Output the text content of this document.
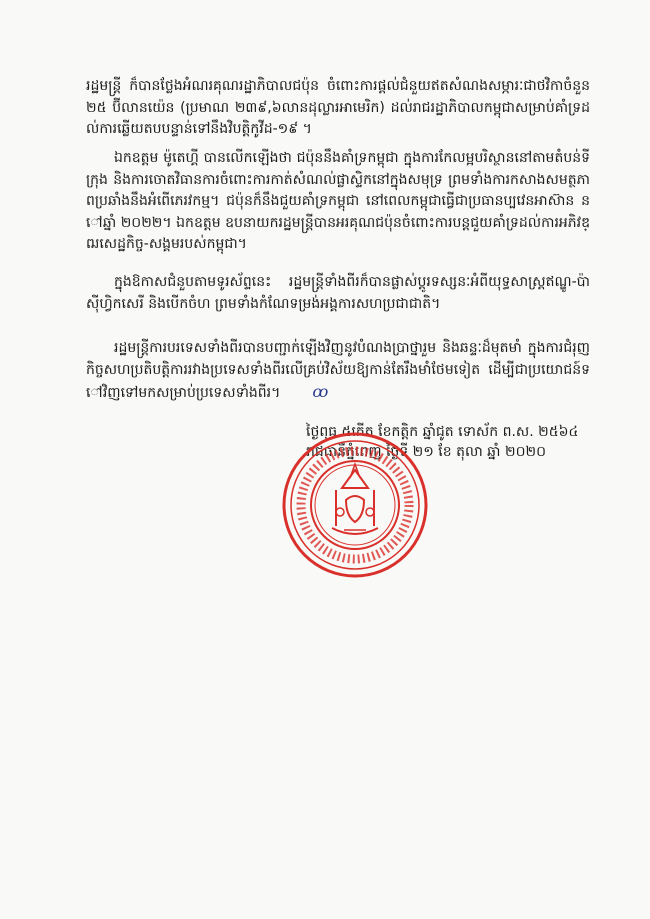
រដ្ឋមន្ត្រី ក៏បានថ្លែងអំណរគុណរដ្ឋាភិបាលជប៉ុន ចំពោះការផ្ដល់ជំនួយឥតសំណងសម្ភារៈជាថវិកាចំនួន ២៥ ប៊ីលានយ៉េន (ប្រមាណ ២៣៩,៦លានដុល្លារអាមេរិក) ដល់រាជរដ្ឋាភិបាលកម្ពុជាសម្រាប់គាំទ្រដល់ការឆ្លើយតបបន្ទាន់ទៅនឹងវិបត្តិកូវីដ-១៩ ។

ឯកឧត្តម ម៉ូតេហ្គី បានលើកឡើងថា ជប៉ុននឹងគាំទ្រកម្ពុជា ក្នុងការកែលម្អបរិស្ថាននៅតាមតំបន់ទីក្រុង និងការចោតវិធានការចំពោះការកាត់សំណល់ផ្លាស្ទិកនៅក្នុងសមុទ្រ ព្រមទាំងការកសាងសមត្ថភាពប្រឆាំងនឹងអំពើភេរវកម្ម។ ជប៉ុនក៏នឹងជួយគាំទ្រកម្ពុជា នៅពេលកម្ពុជាធ្វើជាប្រធានប្បវេនអាស៊ាន នៅឆ្នាំ ២០២២។ ឯកឧត្តម ឧបនាយករដ្ឋមន្ត្រីបានអរគុណជប៉ុនចំពោះការបន្តជួយគាំទ្រដល់ការអភិវឌ្ឍសេដ្ឋកិច្ច-សង្គមរបស់កម្ពុជា។

ក្នុងឱកាសជំនួបតាមទូរស័ព្ទនេះ រដ្ឋមន្ត្រីទាំងពីរក៏បានផ្លាស់ប្ដូរទស្សនៈអំពីយុទ្ធសាស្ត្រឥណ្ឌូ-ប៉ាស៊ីហ្វិកសេរី និងបើកចំហ ព្រមទាំងកំណែទម្រង់អង្គការសហប្រជាជាតិ។

រដ្ឋមន្ត្រីការបរទេសទាំងពីរបានបញ្ជាក់ឡើងវិញនូវបំណងប្រាថ្នារួម និងឆន្ទៈដ៏មុតមាំ ក្នុងការជំរុញកិច្ចសហប្រតិបត្តិការរវាងប្រទេសទាំងពីរលើគ្រប់វិស័យឱ្យកាន់តែរឹងមាំថែមទៀត ដើម្បីជាប្រយោជន៍ទៅវិញទៅមកសម្រាប់ប្រទេសទាំងពីរ។ ꝏ

ថ្ងៃពុធ ៥កើត ខែកត្តិក ឆ្នាំជូត ទោស័ក ព.ស. ២៥៦៤

រាជធានីភ្នំពេញ ថ្ងៃទី ២១ ខែ តុលា ឆ្នាំ ២០២០
